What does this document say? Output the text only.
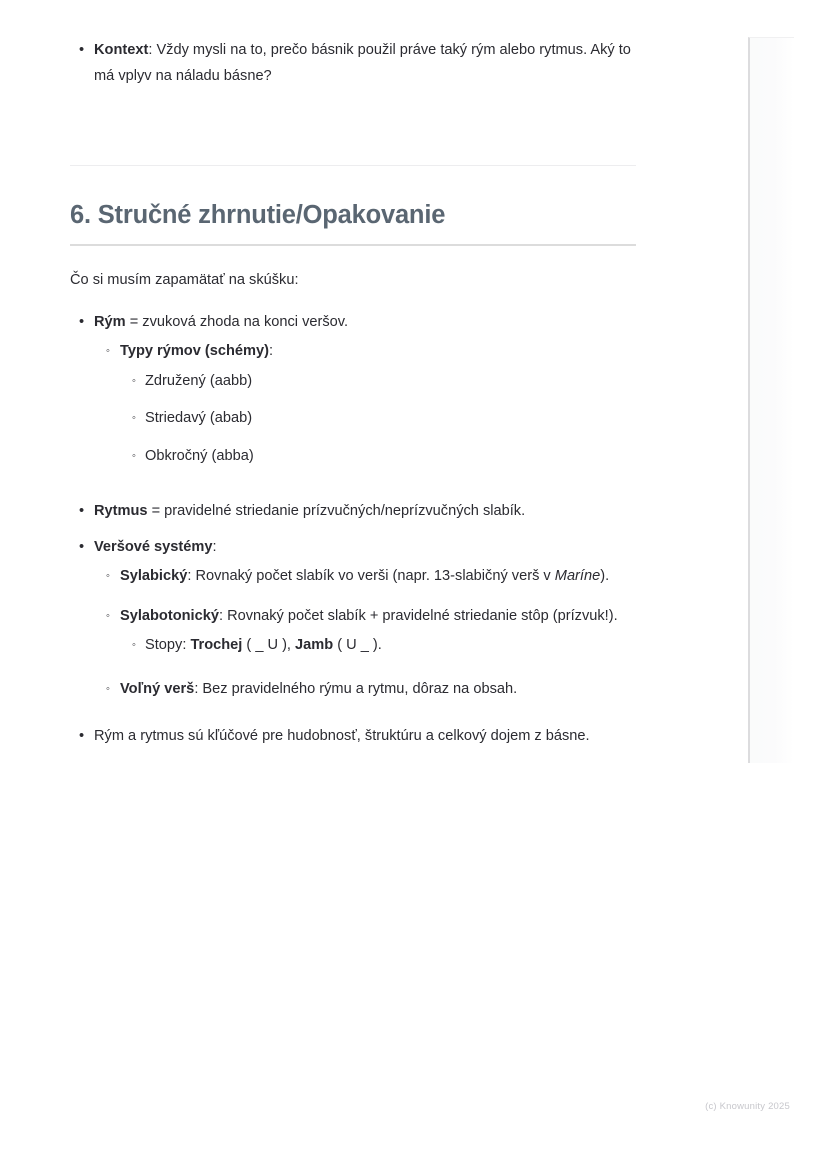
• Kontext: Vždy mysli na to, prečo básnik použil práve taký rým alebo rytmus. Aký to má vplyv na náladu básne?
6. Stručné zhrnutie/Opakovanie

Čo si musím zapamätať na skúšku:

• Rým = zvuková zhoda na konci veršov.
◦ Typy rýmov (schémy):
◦ Združený (aabb)
◦ Striedavý (abab)
◦ Obkročný (abba)
• Rytmus = pravidelné striedanie prízvučných/neprízvučných slabík.
• Veršové systémy:
◦ Sylabický: Rovnaký počet slabík vo verši (napr. 13-slabičný verš v Maríne).
◦ Sylabotonický: Rovnaký počet slabík + pravidelné striedanie stôp (prízvuk!).
◦ Stopy: Trochej ( _ U ), Jamb ( U _ ).
◦ Voľný verš: Bez pravidelného rýmu a rytmu, dôraz na obsah.
• Rým a rytmus sú kľúčové pre hudobnosť, štruktúru a celkový dojem z básne.
(c) Knowunity 2025
